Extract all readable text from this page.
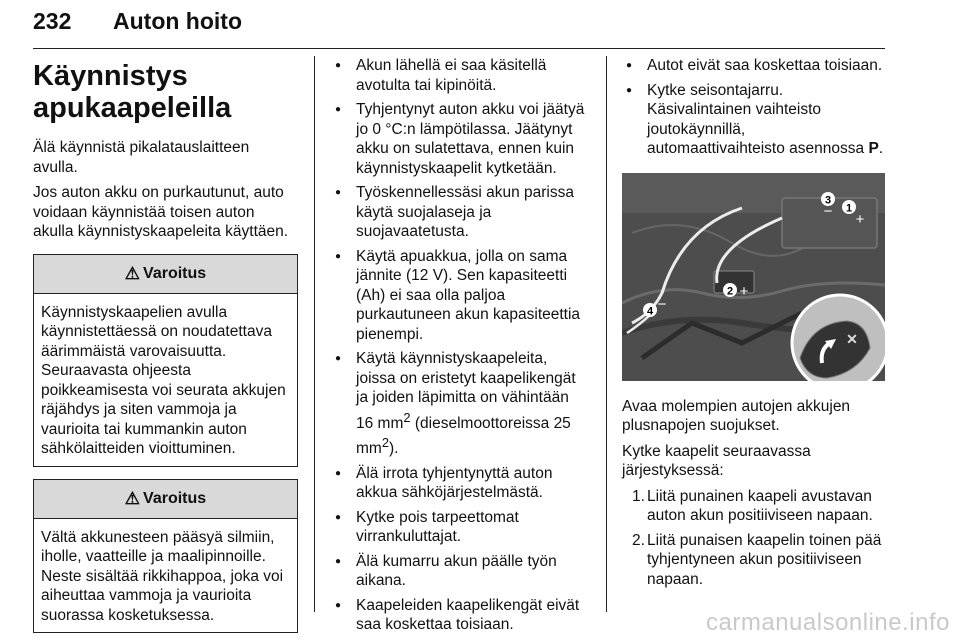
232 Auton hoito
Käynnistys
apukaapeleilla

Älä käynnistä pikalatauslaitteen avulla.

Jos auton akku on purkautunut, auto voidaan käynnistää toisen auton akulla käynnistyskaapeleita käyttäen.

⚠ Varoitus
Käynnistyskaapelien avulla käynnistettäessä on noudatettava äärimmäistä varovaisuutta. Seuraavasta ohjeesta poikkeamisesta voi seurata akkujen räjähdys ja siten vammoja ja vaurioita tai kummankin auton sähkölaitteiden vioittuminen.
⚠ Varoitus
Vältä akkunesteen pääsyä silmiin, iholle, vaatteille ja maalipinnoille. Neste sisältää rikkihappoa, joka voi aiheuttaa vammoja ja vaurioita suorassa kosketuksessa.
● Akun lähellä ei saa käsitellä avotulta tai kipinöitä.
● Tyhjentynyt auton akku voi jäätyä jo 0 °C:n lämpötilassa. Jäätynyt akku on sulatettava, ennen kuin käynnistyskaapelit kytketään.
● Työskennellessäsi akun parissa käytä suojalaseja ja suojavaatetusta.
● Käytä apuakkua, jolla on sama jännite (12 V). Sen kapasiteetti (Ah) ei saa olla paljoa purkautuneen akun kapasiteettia pienempi.
● Käytä käynnistyskaapeleita, joissa on eristetyt kaapelikengät ja joiden läpimitta on vähintään 16 $mm^2$ (dieselmoottoreissa 25 $mm^2$).
● Älä irrota tyhjentynyttä auton akkua sähköjärjestelmästä.
● Kytke pois tarpeettomat virrankuluttajat.
● Älä kumarru akun päälle työn aikana.
● Kaapeleiden kaapelikengät eivät saa koskettaa toisiaan.
● Autot eivät saa koskettaa toisiaan.
● Kytke seisontajarru. Käsivalintainen vaihteisto joutokäynnillä, automaattivaihteisto asennossa P.
1
+
2 +
3
−
4 −
✕

Avaa molempien autojen akkujen plusnapojen suojukset.

Kytke kaapelit seuraavassa järjestyksessä:

1. Liitä punainen kaapeli avustavan auton akun positiiviseen napaan.
2. Liitä punaisen kaapelin toinen pää tyhjentyneen akun positiiviseen napaan.
carmanualsonline.info
